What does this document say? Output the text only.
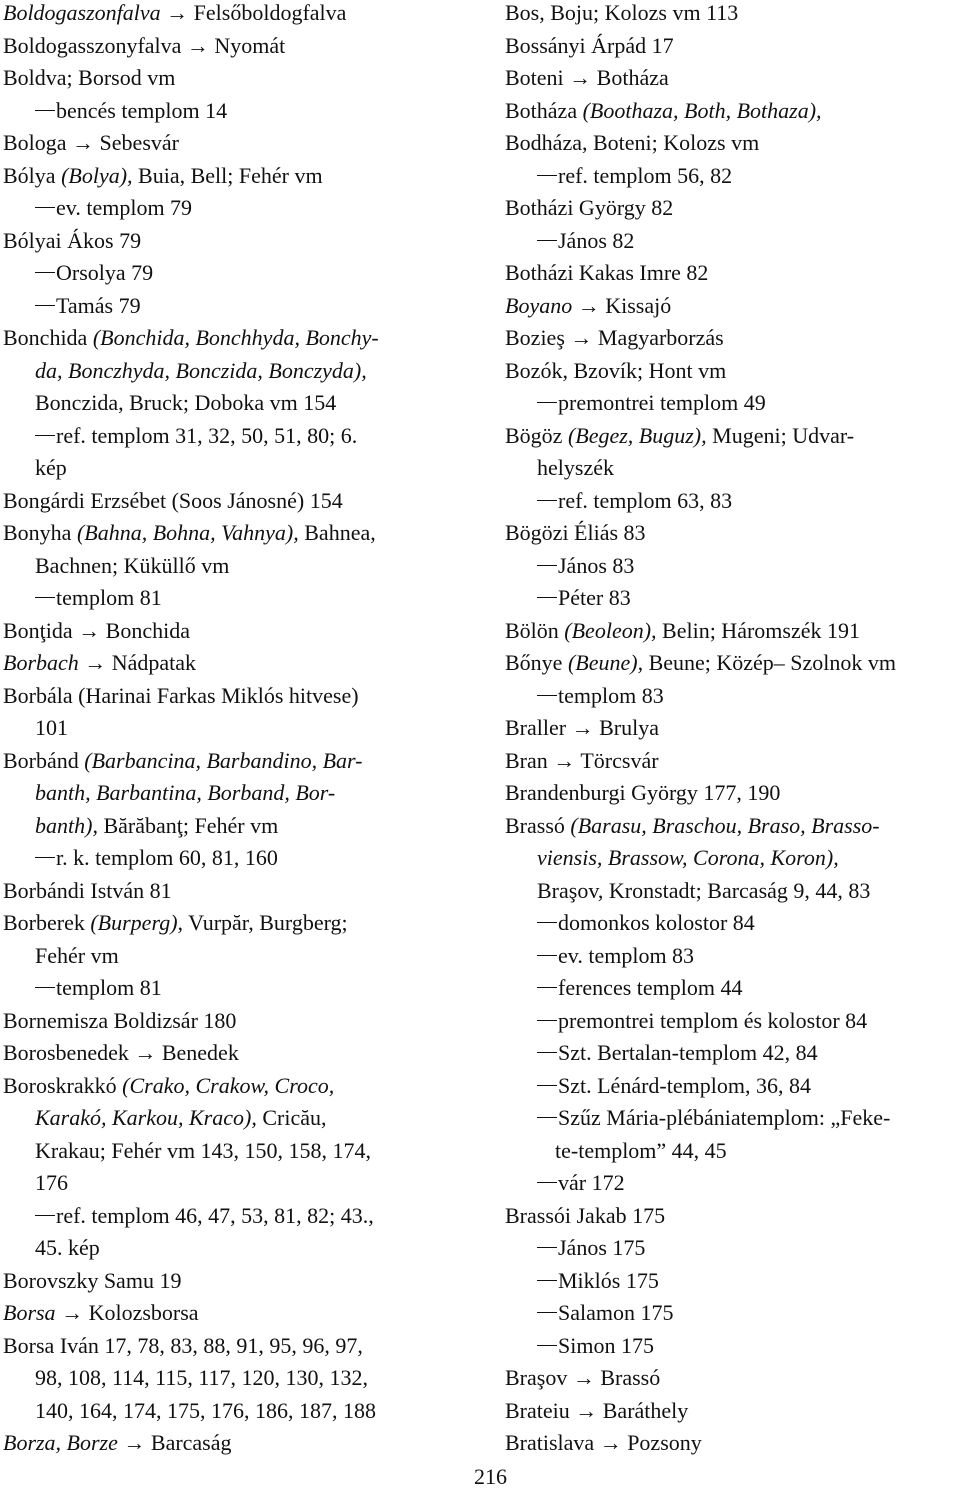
Boldogaszonfalva → Felsőboldogfalva
Boldogasszonyfalva → Nyomát
Boldva; Borsod vm
bencés templom 14
Bologa → Sebesvár
Bólya (Bolya), Buia, Bell; Fehér vm
ev. templom 79
Bólyai Ákos 79
Orsolya 79
Tamás 79
Bonchida (Bonchida, Bonchhyda, Bonchy-
da, Bonczhyda, Bonczida, Bonczyda),
Bonczida, Bruck; Doboka vm 154
ref. templom 31, 32, 50, 51, 80; 6.
kép
Bongárdi Erzsébet (Soos Jánosné) 154
Bonyha (Bahna, Bohna, Vahnya), Bahnea,
Bachnen; Küküllő vm
templom 81
Bonţida → Bonchida
Borbach → Nádpatak
Borbála (Harinai Farkas Miklós hitvese)
101
Borbánd (Barbancina, Barbandino, Bar-
banth, Barbantina, Borband, Bor-
banth), Bărăbanţ; Fehér vm
r. k. templom 60, 81, 160
Borbándi István 81
Borberek (Burperg), Vurpăr, Burgberg;
Fehér vm
templom 81
Bornemisza Boldizsár 180
Borosbenedek → Benedek
Boroskrakkó (Crako, Crakow, Croco,
Karakó, Karkou, Kraco), Cricău,
Krakau; Fehér vm 143, 150, 158, 174,
176
ref. templom 46, 47, 53, 81, 82; 43.,
45. kép
Borovszky Samu 19
Borsa → Kolozsborsa
Borsa Iván 17, 78, 83, 88, 91, 95, 96, 97,
98, 108, 114, 115, 117, 120, 130, 132,
140, 164, 174, 175, 176, 186, 187, 188
Borza, Borze → Barcaság
Bos, Boju; Kolozs vm 113
Bossányi Árpád 17
Boteni → Botháza
Botháza (Boothaza, Both, Bothaza),
Bodháza, Boteni; Kolozs vm
ref. templom 56, 82
Botházi György 82
János 82
Botházi Kakas Imre 82
Boyano → Kissajó
Bozieş → Magyarborzás
Bozók, Bzovík; Hont vm
premontrei templom 49
Bögöz (Begez, Buguz), Mugeni; Udvar-
helyszék
ref. templom 63, 83
Bögözi Éliás 83
János 83
Péter 83
Bölön (Beoleon), Belin; Háromszék 191
Bőnye (Beune), Beune; Közép– Szolnok vm
templom 83
Braller → Brulya
Bran → Törcsvár
Brandenburgi György 177, 190
Brassó (Barasu, Braschou, Braso, Brasso-
viensis, Brassow, Corona, Koron),
Braşov, Kronstadt; Barcaság 9, 44, 83
domonkos kolostor 84
ev. templom 83
ferences templom 44
premontrei templom és kolostor 84
Szt. Bertalan-templom 42, 84
Szt. Lénárd-templom, 36, 84
Szűz Mária-plébániatemplom: „Feke-
te-templom” 44, 45
vár 172
Brassói Jakab 175
János 175
Miklós 175
Salamon 175
Simon 175
Braşov → Brassó
Brateiu → Baráthely
Bratislava → Pozsony
216
